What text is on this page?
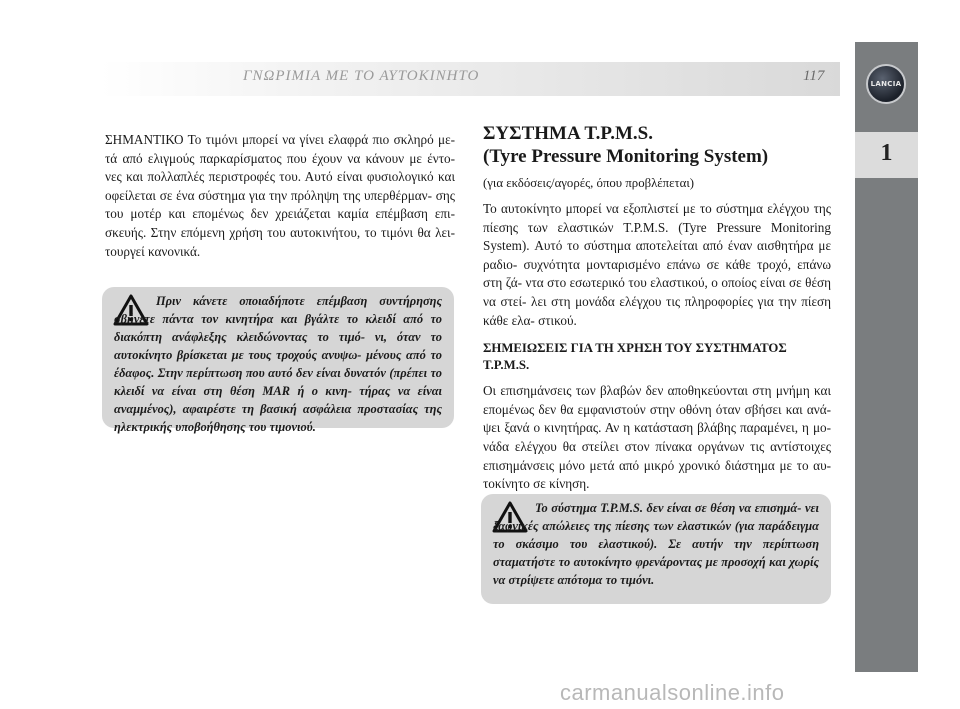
ΓΝΩΡΙΜΙΑ ΜΕ ΤΟ ΑΥΤΟΚΙΝΗΤΟ	117	LANCIA
1
ΣΗΜΑΝΤΙΚΟ Το τιμόνι μπορεί να γίνει ελαφρά πιο σκληρό με- τά από ελιγμούς παρκαρίσματος που έχουν να κάνουν με έντο- νες και πολλαπλές περιστροφές του. Αυτό είναι φυσιολογικό και οφείλεται σε ένα σύστημα για την πρόληψη της υπερθέρμαν- σης του μοτέρ και επομένως δεν χρειάζεται καμία επέμβαση επι- σκευής. Στην επόμενη χρήση του αυτοκινήτου, το τιμόνι θα λει- τουργεί κανονικά.

Πριν κάνετε οποιαδήποτε επέμβαση συντήρησης σβήνετε πάντα τον κινητήρα και βγάλτε το κλειδί από το διακόπτη ανάφλεξης κλειδώνοντας το τιμό- νι, όταν το αυτοκίνητο βρίσκεται με τους τροχούς ανυψω- μένους από το έδαφος. Στην περίπτωση που αυτό δεν είναι δυνατόν (πρέπει το κλειδί να είναι στη θέση MAR ή ο κινη- τήρας να είναι αναμμένος), αφαιρέστε τη βασική ασφάλεια προστασίας της ηλεκτρικής υποβοήθησης του τιμονιού.

ΣΥΣΤΗΜΑ T.P.M.S.
(Tyre Pressure Monitoring System)

(για εκδόσεις/αγορές, όπου προβλέπεται)

Το αυτοκίνητο μπορεί να εξοπλιστεί με το σύστημα ελέγχου της πίεσης των ελαστικών T.P.M.S. (Tyre Pressure Monitoring System). Αυτό το σύστημα αποτελείται από έναν αισθητήρα με ραδιο- συχνότητα μονταρισμένο επάνω σε κάθε τροχό, επάνω στη ζά- ντα στο εσωτερικό του ελαστικού, ο οποίος είναι σε θέση να στεί- λει στη μονάδα ελέγχου τις πληροφορίες για την πίεση κάθε ελα- στικού.

ΣΗΜΕΙΩΣΕΙΣ ΓΙΑ ΤΗ ΧΡΗΣΗ ΤΟΥ ΣΥΣΤΗΜΑΤΟΣ T.P.M.S.

Οι επισημάνσεις των βλαβών δεν αποθηκεύονται στη μνήμη και επομένως δεν θα εμφανιστούν στην οθόνη όταν σβήσει και ανά- ψει ξανά ο κινητήρας. Αν η κατάσταση βλάβης παραμένει, η μο- νάδα ελέγχου θα στείλει στον πίνακα οργάνων τις αντίστοιχες επισημάνσεις μόνο μετά από μικρό χρονικό διάστημα με το αυ- τοκίνητο σε κίνηση.

Το σύστημα T.P.M.S. δεν είναι σε θέση να επισημά- νει ξαφνικές απώλειες της πίεσης των ελαστικών (για παράδειγμα το σκάσιμο του ελαστικού). Σε αυτήν την περίπτωση σταματήστε το αυτοκίνητο φρενάροντας με προσοχή και χωρίς να στρίψετε απότομα το τιμόνι.

carmanualsonline.info
